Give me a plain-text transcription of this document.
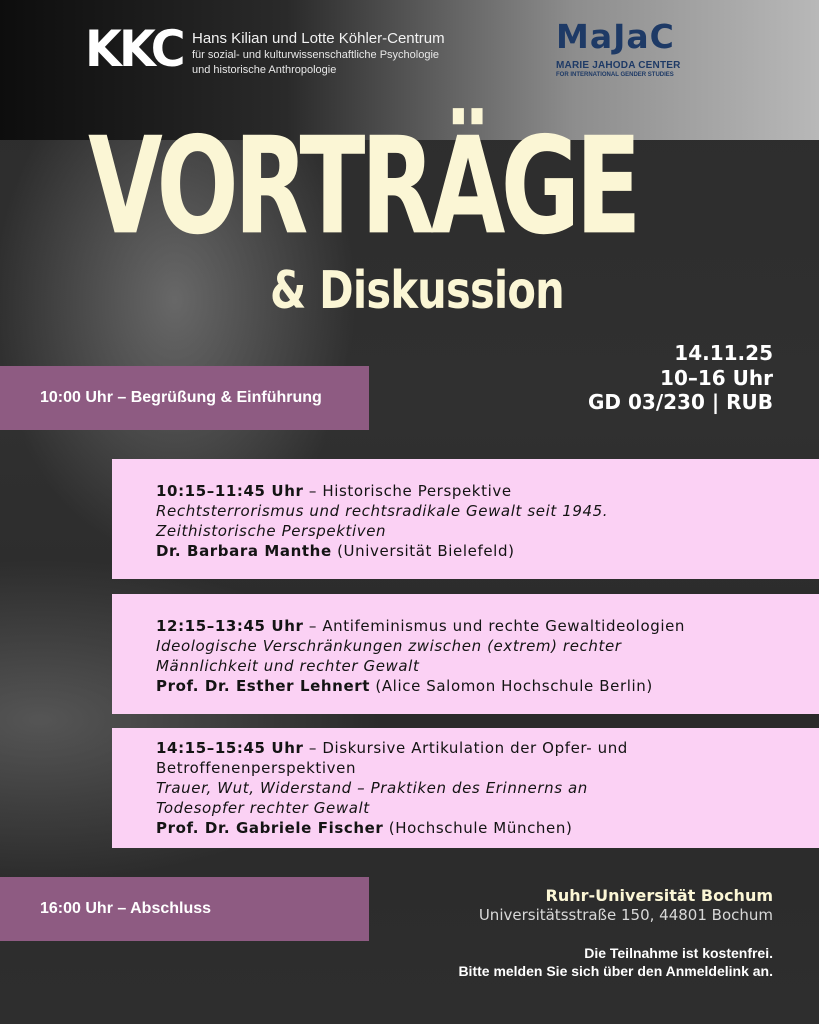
KKC Hans Kilian und Lotte Köhler-Centrum
für sozial- und kulturwissenschaftliche Psychologie
und historische Anthropologie
MaJaC
MARIE JAHODA CENTER
FOR INTERNATIONAL GENDER STUDIES
VORTRÄGE
& Diskussion
14.11.25
10–16 Uhr
GD 03/230 | RUB
10:00 Uhr – Begrüßung & Einführung
10:15–11:45 Uhr – Historische Perspektive
Rechtsterrorismus und rechtsradikale Gewalt seit 1945.
Zeithistorische Perspektiven
Dr. Barbara Manthe (Universität Bielefeld)
12:15–13:45 Uhr – Antifeminismus und rechte Gewaltideologien
Ideologische Verschränkungen zwischen (extrem) rechter
Männlichkeit und rechter Gewalt
Prof. Dr. Esther Lehnert (Alice Salomon Hochschule Berlin)
14:15–15:45 Uhr – Diskursive Artikulation der Opfer- und
Betroffenenperspektiven
Trauer, Wut, Widerstand – Praktiken des Erinnerns an
Todesopfer rechter Gewalt
Prof. Dr. Gabriele Fischer (Hochschule München)
16:00 Uhr – Abschluss
Ruhr-Universität Bochum
Universitätsstraße 150, 44801 Bochum
Die Teilnahme ist kostenfrei.
Bitte melden Sie sich über den Anmeldelink an.
